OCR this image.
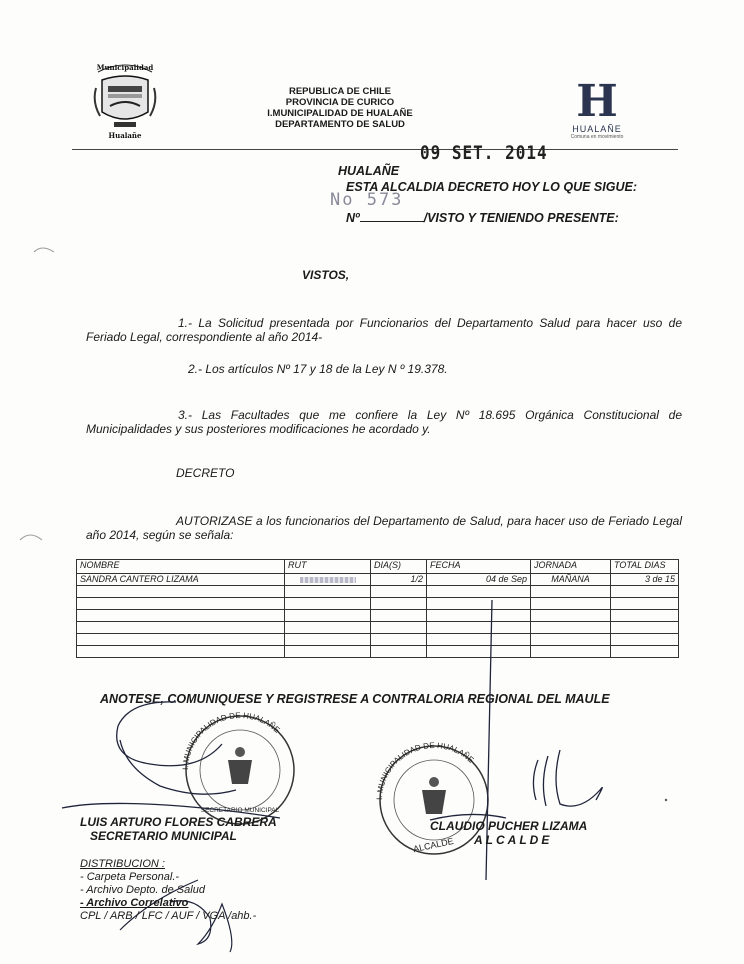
Municipalidad
Hualañe
REPUBLICA DE CHILE
PROVINCIA DE CURICO
I.MUNICIPALIDAD DE HUALAÑE
DEPARTAMENTO DE SALUD	H
HUALAÑE
Comuna en movimiento
09 SET. 2014
HUALAÑE
ESTA ALCALDIA DECRETO HOY LO QUE SIGUE:
No 573
Nº	/VISTO Y TENIENDO PRESENTE:
VISTOS,
1.- La Solicitud presentada por Funcionarios del Departamento Salud para hacer uso de Feriado Legal, correspondiente al año 2014-
2.- Los artículos Nº 17 y 18 de la Ley N º 19.378.
3.- Las Facultades que me confiere la Ley Nº 18.695 Orgánica Constitucional de Municipalidades y sus posteriores modificaciones he acordado y.
DECRETO
AUTORIZASE a los funcionarios del Departamento de Salud, para hacer uso de Feriado Legal año 2014, según se señala:
NOMBRE	RUT	DIA(S)	FECHA	JORNADA	TOTAL DIAS
SANDRA CANTERO LIZAMA		1/2	04 de Sep	MAÑANA	3 de 15

ANOTESE, COMUNIQUESE Y REGISTRESE A CONTRALORIA REGIONAL DEL MAULE
I. MUNICIPALIDAD DE HUALAÑE
SECRETARIO MUNICIPAL
I. MUNICIPALIDAD DE HUALAÑE
ALCALDE
LUIS ARTURO FLORES CABRERA
SECRETARIO MUNICIPAL
CLAUDIO PUCHER LIZAMA
ALCALDE
DISTRIBUCION :
- Carpeta Personal.-
- Archivo Depto. de Salud
- Archivo Correlativo
CPL / ARB / LFC / AUF / VGA /ahb.-
